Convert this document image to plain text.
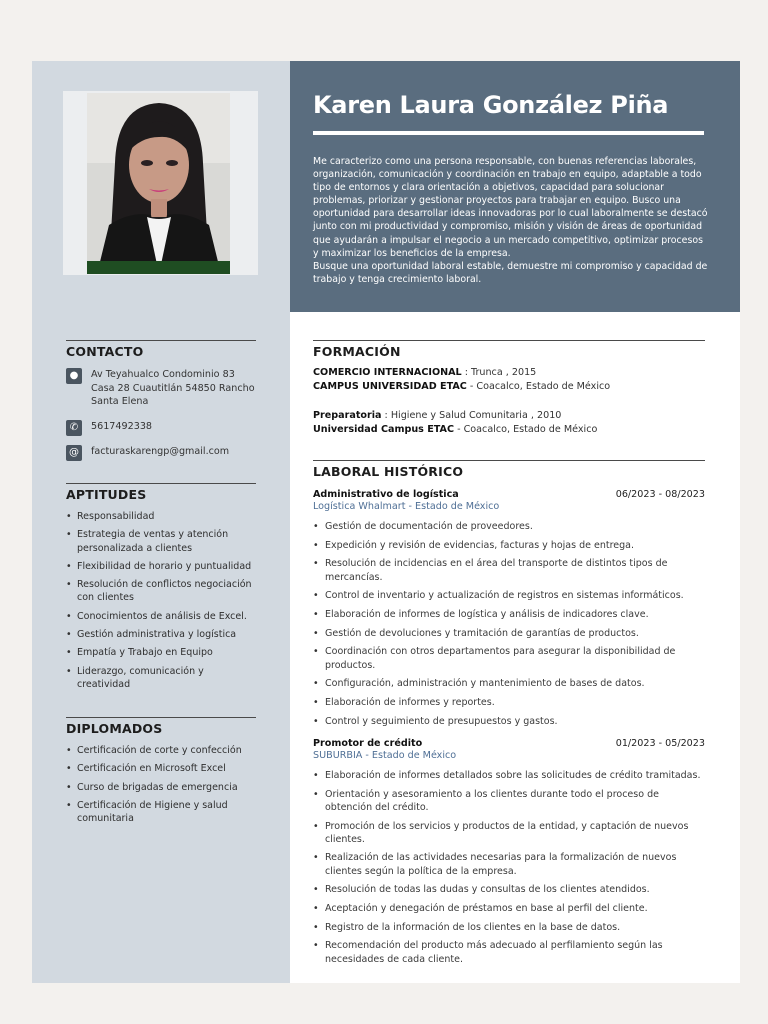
Karen Laura González Piña

Me caracterizo como una persona responsable, con buenas referencias laborales, organización, comunicación y coordinación en trabajo en equipo, adaptable a todo tipo de entornos y clara orientación a objetivos, capacidad para solucionar problemas, priorizar y gestionar proyectos para trabajar en equipo. Busco una oportunidad para desarrollar ideas innovadoras por lo cual laboralmente se destacó junto con mi productividad y compromiso, misión y visión de áreas de oportunidad que ayudarán a impulsar el negocio a un mercado competitivo, optimizar procesos y maximizar los beneficios de la empresa.

Busque una oportunidad laboral estable, demuestre mi compromiso y capacidad de trabajo y tenga crecimiento laboral.

CONTACTO
●	Av Teyahualco Condominio 83 Casa 28 Cuautitlán 54850 Rancho Santa Elena
✆	5617492338
@	facturaskarengp@gmail.com
APTITUDES
• Responsabilidad
• Estrategia de ventas y atención personalizada a clientes
• Flexibilidad de horario y puntualidad
• Resolución de conflictos negociación con clientes
• Conocimientos de análisis de Excel.
• Gestión administrativa y logística
• Empatía y Trabajo en Equipo
• Liderazgo, comunicación y creatividad
DIPLOMADOS
• Certificación de corte y confección
• Certificación en Microsoft Excel
• Curso de brigadas de emergencia
• Certificación de Higiene y salud comunitaria
FORMACIÓN
COMERCIO INTERNACIONAL : Trunca , 2015
CAMPUS UNIVERSIDAD ETAC - Coacalco, Estado de México
Preparatoria : Higiene y Salud Comunitaria , 2010
Universidad Campus ETAC - Coacalco, Estado de México
LABORAL HISTÓRICO
Administrativo de logística	06/2023 - 08/2023
Logística Whalmart - Estado de México
• Gestión de documentación de proveedores.
• Expedición y revisión de evidencias, facturas y hojas de entrega.
• Resolución de incidencias en el área del transporte de distintos tipos de mercancías.
• Control de inventario y actualización de registros en sistemas informáticos.
• Elaboración de informes de logística y análisis de indicadores clave.
• Gestión de devoluciones y tramitación de garantías de productos.
• Coordinación con otros departamentos para asegurar la disponibilidad de productos.
• Configuración, administración y mantenimiento de bases de datos.
• Elaboración de informes y reportes.
• Control y seguimiento de presupuestos y gastos.
Promotor de crédito	01/2023 - 05/2023
SUBURBIA - Estado de México
• Elaboración de informes detallados sobre las solicitudes de crédito tramitadas.
• Orientación y asesoramiento a los clientes durante todo el proceso de obtención del crédito.
• Promoción de los servicios y productos de la entidad, y captación de nuevos clientes.
• Realización de las actividades necesarias para la formalización de nuevos clientes según la política de la empresa.
• Resolución de todas las dudas y consultas de los clientes atendidos.
• Aceptación y denegación de préstamos en base al perfil del cliente.
• Registro de la información de los clientes en la base de datos.
• Recomendación del producto más adecuado al perfilamiento según las necesidades de cada cliente.
